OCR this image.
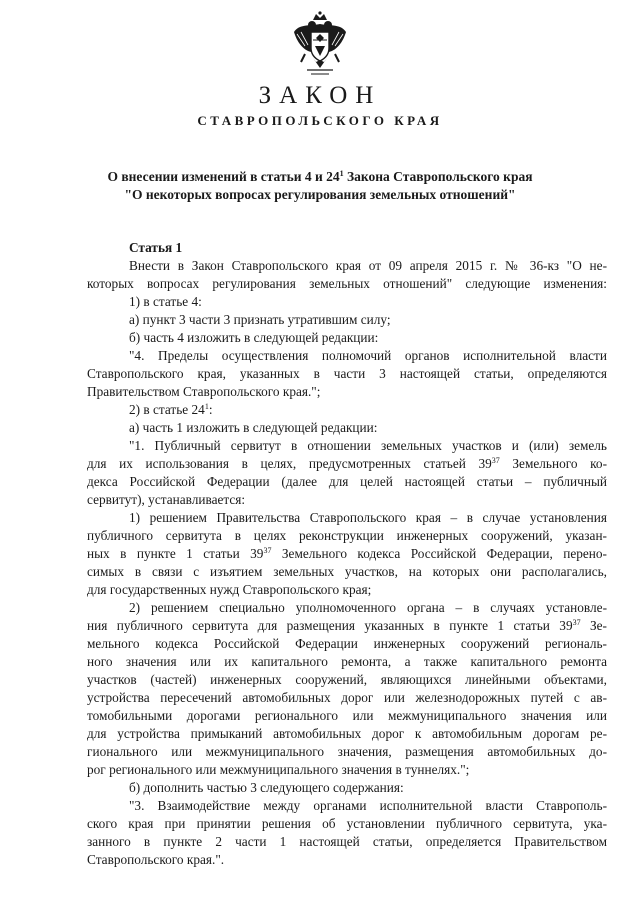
ЗАКОН
СТАВРОПОЛЬСКОГО КРАЯ
О внесении изменений в статьи 4 и $24^1$ Закона Ставропольского края
"О некоторых вопросах регулирования земельных отношений"
Статья 1
Внести в Закон Ставропольского края от 09 апреля 2015 г. № 36-кз "О не-
которых вопросах регулирования земельных отношений" следующие изменения:
1) в статье 4:
а) пункт 3 части 3 признать утратившим силу;
б) часть 4 изложить в следующей редакции:
"4. Пределы осуществления полномочий органов исполнительной власти
Ставропольского края, указанных в части 3 настоящей статьи, определяются
Правительством Ставропольского края.";
2) в статье $24^1$:
а) часть 1 изложить в следующей редакции:
"1. Публичный сервитут в отношении земельных участков и (или) земель
для их использования в целях, предусмотренных статьей $39^{37}$ Земельного ко-
декса Российской Федерации (далее для целей настоящей статьи – публичный
сервитут), устанавливается:
1) решением Правительства Ставропольского края – в случае установления
публичного сервитута в целях реконструкции инженерных сооружений, указан-
ных в пункте 1 статьи $39^{37}$ Земельного кодекса Российской Федерации, перено-
симых в связи с изъятием земельных участков, на которых они располагались,
для государственных нужд Ставропольского края;
2) решением специально уполномоченного органа – в случаях установле-
ния публичного сервитута для размещения указанных в пункте 1 статьи $39^{37}$ Зе-
мельного кодекса Российской Федерации инженерных сооружений региональ-
ного значения или их капитального ремонта, а также капитального ремонта
участков (частей) инженерных сооружений, являющихся линейными объектами,
устройства пересечений автомобильных дорог или железнодорожных путей с ав-
томобильными дорогами регионального или межмуниципального значения или
для устройства примыканий автомобильных дорог к автомобильным дорогам ре-
гионального или межмуниципального значения, размещения автомобильных до-
рог регионального или межмуниципального значения в туннелях.";
б) дополнить частью 3 следующего содержания:
"3. Взаимодействие между органами исполнительной власти Ставрополь-
ского края при принятии решения об установлении публичного сервитута, ука-
занного в пункте 2 части 1 настоящей статьи, определяется Правительством
Ставропольского края.".
